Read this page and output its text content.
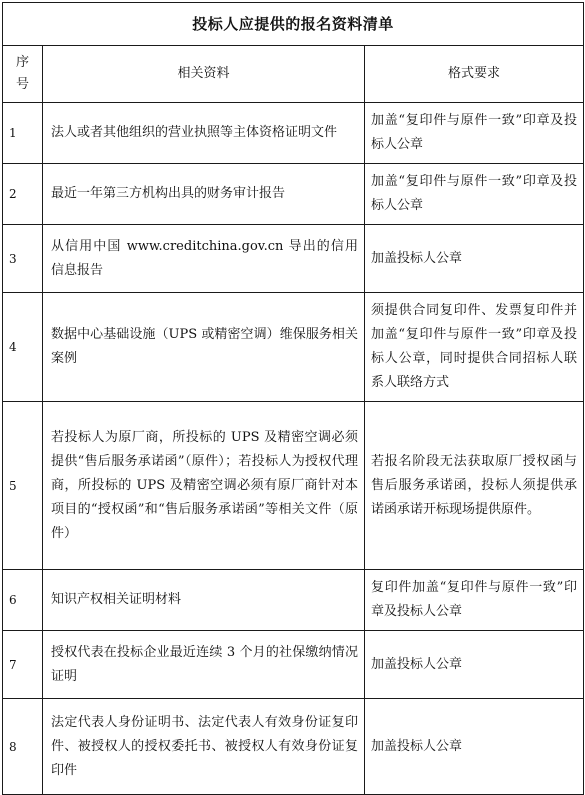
投标人应提供的报名资料清单		

序
号	相关资料	格式要求
1	法人或者其他组织的营业执照等主体资格证明文件	加盖“复印件与原件一致”印章及投标人公章
2	最近一年第三方机构出具的财务审计报告	加盖“复印件与原件一致”印章及投标人公章
3	从信用中国 www.creditchina.gov.cn 导出的信用信息报告	加盖投标人公章
4	数据中心基础设施（UPS 或精密空调）维保服务相关案例	须提供合同复印件、发票复印件并加盖“复印件与原件一致”印章及投标人公章，同时提供合同招标人联系人联络方式
5	若投标人为原厂商，所投标的 UPS 及精密空调必须提供“售后服务承诺函”（原件）；若投标人为授权代理商，所投标的 UPS 及精密空调必须有原厂商针对本项目的“授权函”和“售后服务承诺函”等相关文件（原件）	若报名阶段无法获取原厂授权函与售后服务承诺函，投标人须提供承诺函承诺开标现场提供原件。
6	知识产权相关证明材料	复印件加盖“复印件与原件一致”印章及投标人公章
7	授权代表在投标企业最近连续 3 个月的社保缴纳情况证明	加盖投标人公章
8	法定代表人身份证明书、法定代表人有效身份证复印件、被授权人的授权委托书、被授权人有效身份证复印件	加盖投标人公章
